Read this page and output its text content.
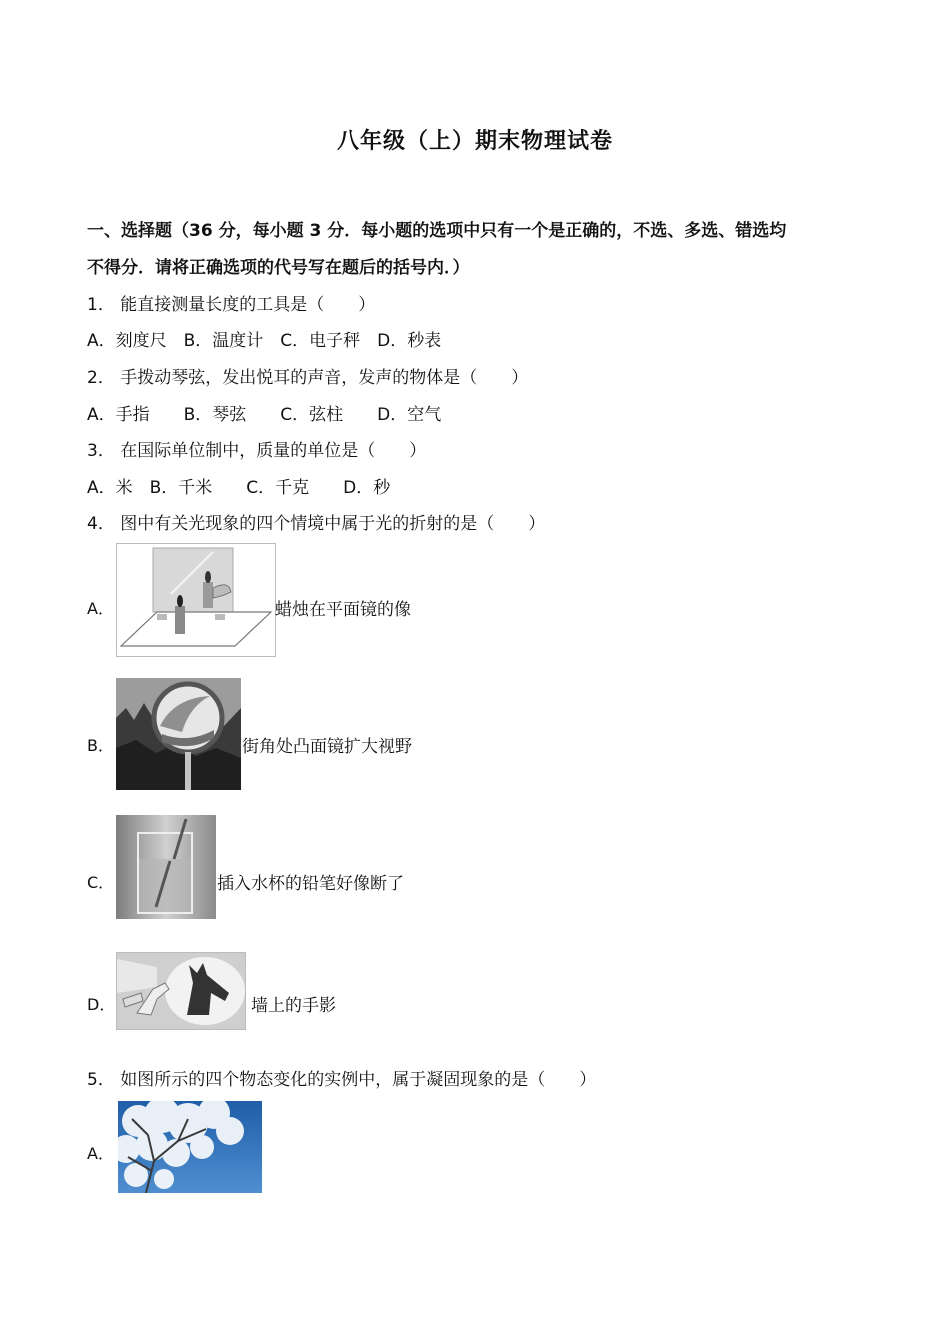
八年级（上）期末物理试卷
一、选择题（36 分，每小题 3 分．每小题的选项中只有一个是正确的，不选、多选、错选均
不得分．请将正确选项的代号写在题后的括号内．）
1． 能直接测量长度的工具是（　　）
A．刻度尺　B．温度计　C．电子秤　D．秒表
2． 手拨动琴弦，发出悦耳的声音，发声的物体是（　　）
A．手指　　B．琴弦　　C．弦柱　　D．空气
3． 在国际单位制中，质量的单位是（　　）
A．米　B．千米　　C．千克　　D．秒
4． 图中有关光现象的四个情境中属于光的折射的是（　　）
A．	蜡烛在平面镜的像
B．	街角处凸面镜扩大视野
C．	插入水杯的铅笔好像断了
D．	墙上的手影
5． 如图所示的四个物态变化的实例中，属于凝固现象的是（　　）
A．
